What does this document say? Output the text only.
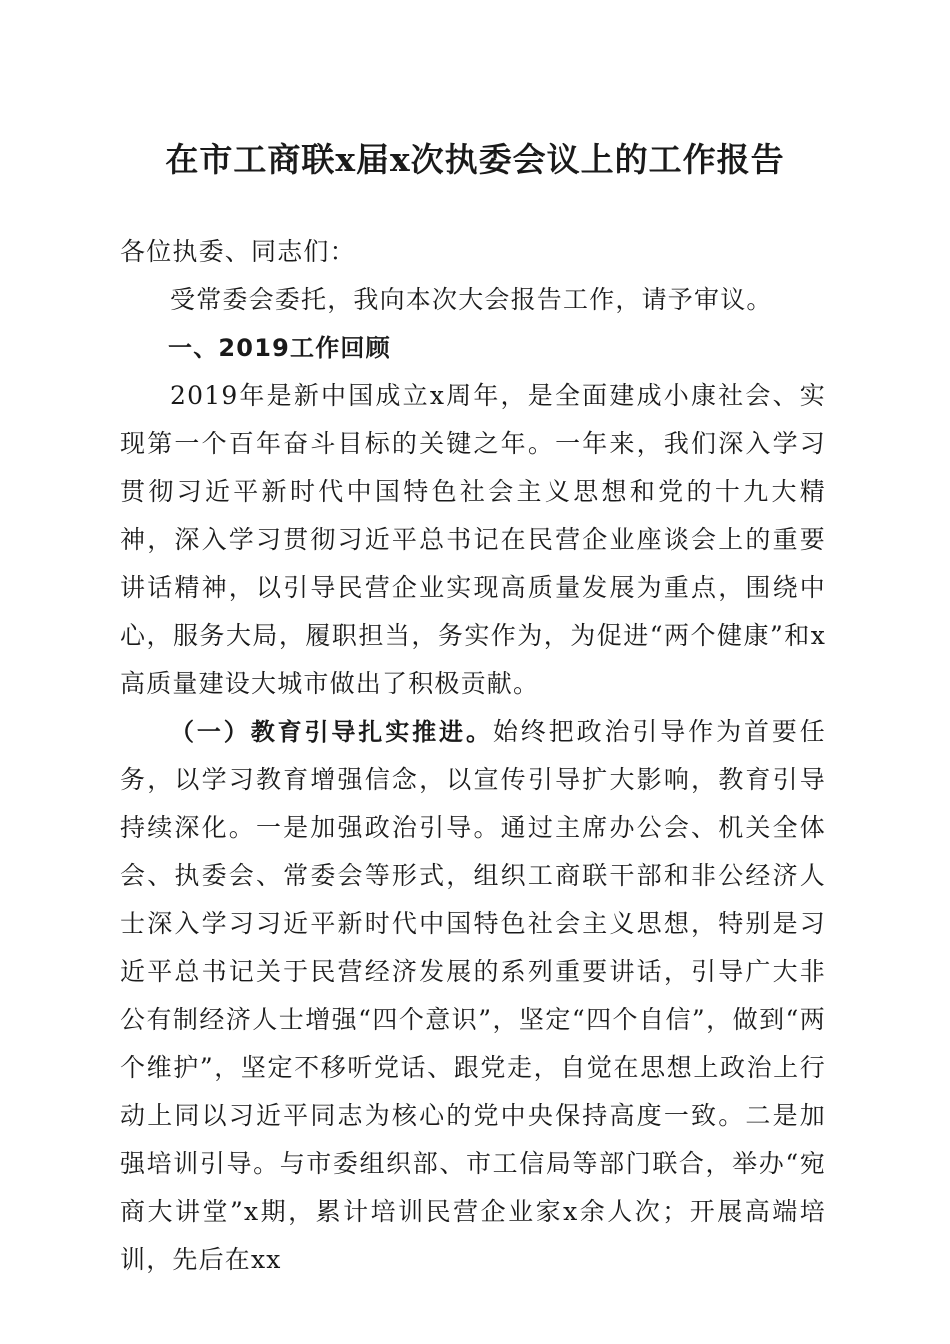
在市工商联x届x次执委会议上的工作报告

各位执委、同志们：

受常委会委托，我向本次大会报告工作，请予审议。

一、2019工作回顾

2019年是新中国成立x周年，是全面建成小康社会、实现第一个百年奋斗目标的关键之年。一年来，我们深入学习贯彻习近平新时代中国特色社会主义思想和党的十九大精神，深入学习贯彻习近平总书记在民营企业座谈会上的重要讲话精神，以引导民营企业实现高质量发展为重点，围绕中心，服务大局，履职担当，务实作为，为促进“两个健康”和x高质量建设大城市做出了积极贡献。

（一）教育引导扎实推进。始终把政治引导作为首要任务，以学习教育增强信念，以宣传引导扩大影响，教育引导持续深化。一是加强政治引导。通过主席办公会、机关全体会、执委会、常委会等形式，组织工商联干部和非公经济人士深入学习习近平新时代中国特色社会主义思想，特别是习近平总书记关于民营经济发展的系列重要讲话，引导广大非公有制经济人士增强“四个意识”，坚定“四个自信”，做到“两个维护”，坚定不移听党话、跟党走，自觉在思想上政治上行动上同以习近平同志为核心的党中央保持高度一致。二是加强培训引导。与市委组织部、市工信局等部门联合，举办“宛商大讲堂”x期，累计培训民营企业家x余人次；开展高端培训，先后在xx
